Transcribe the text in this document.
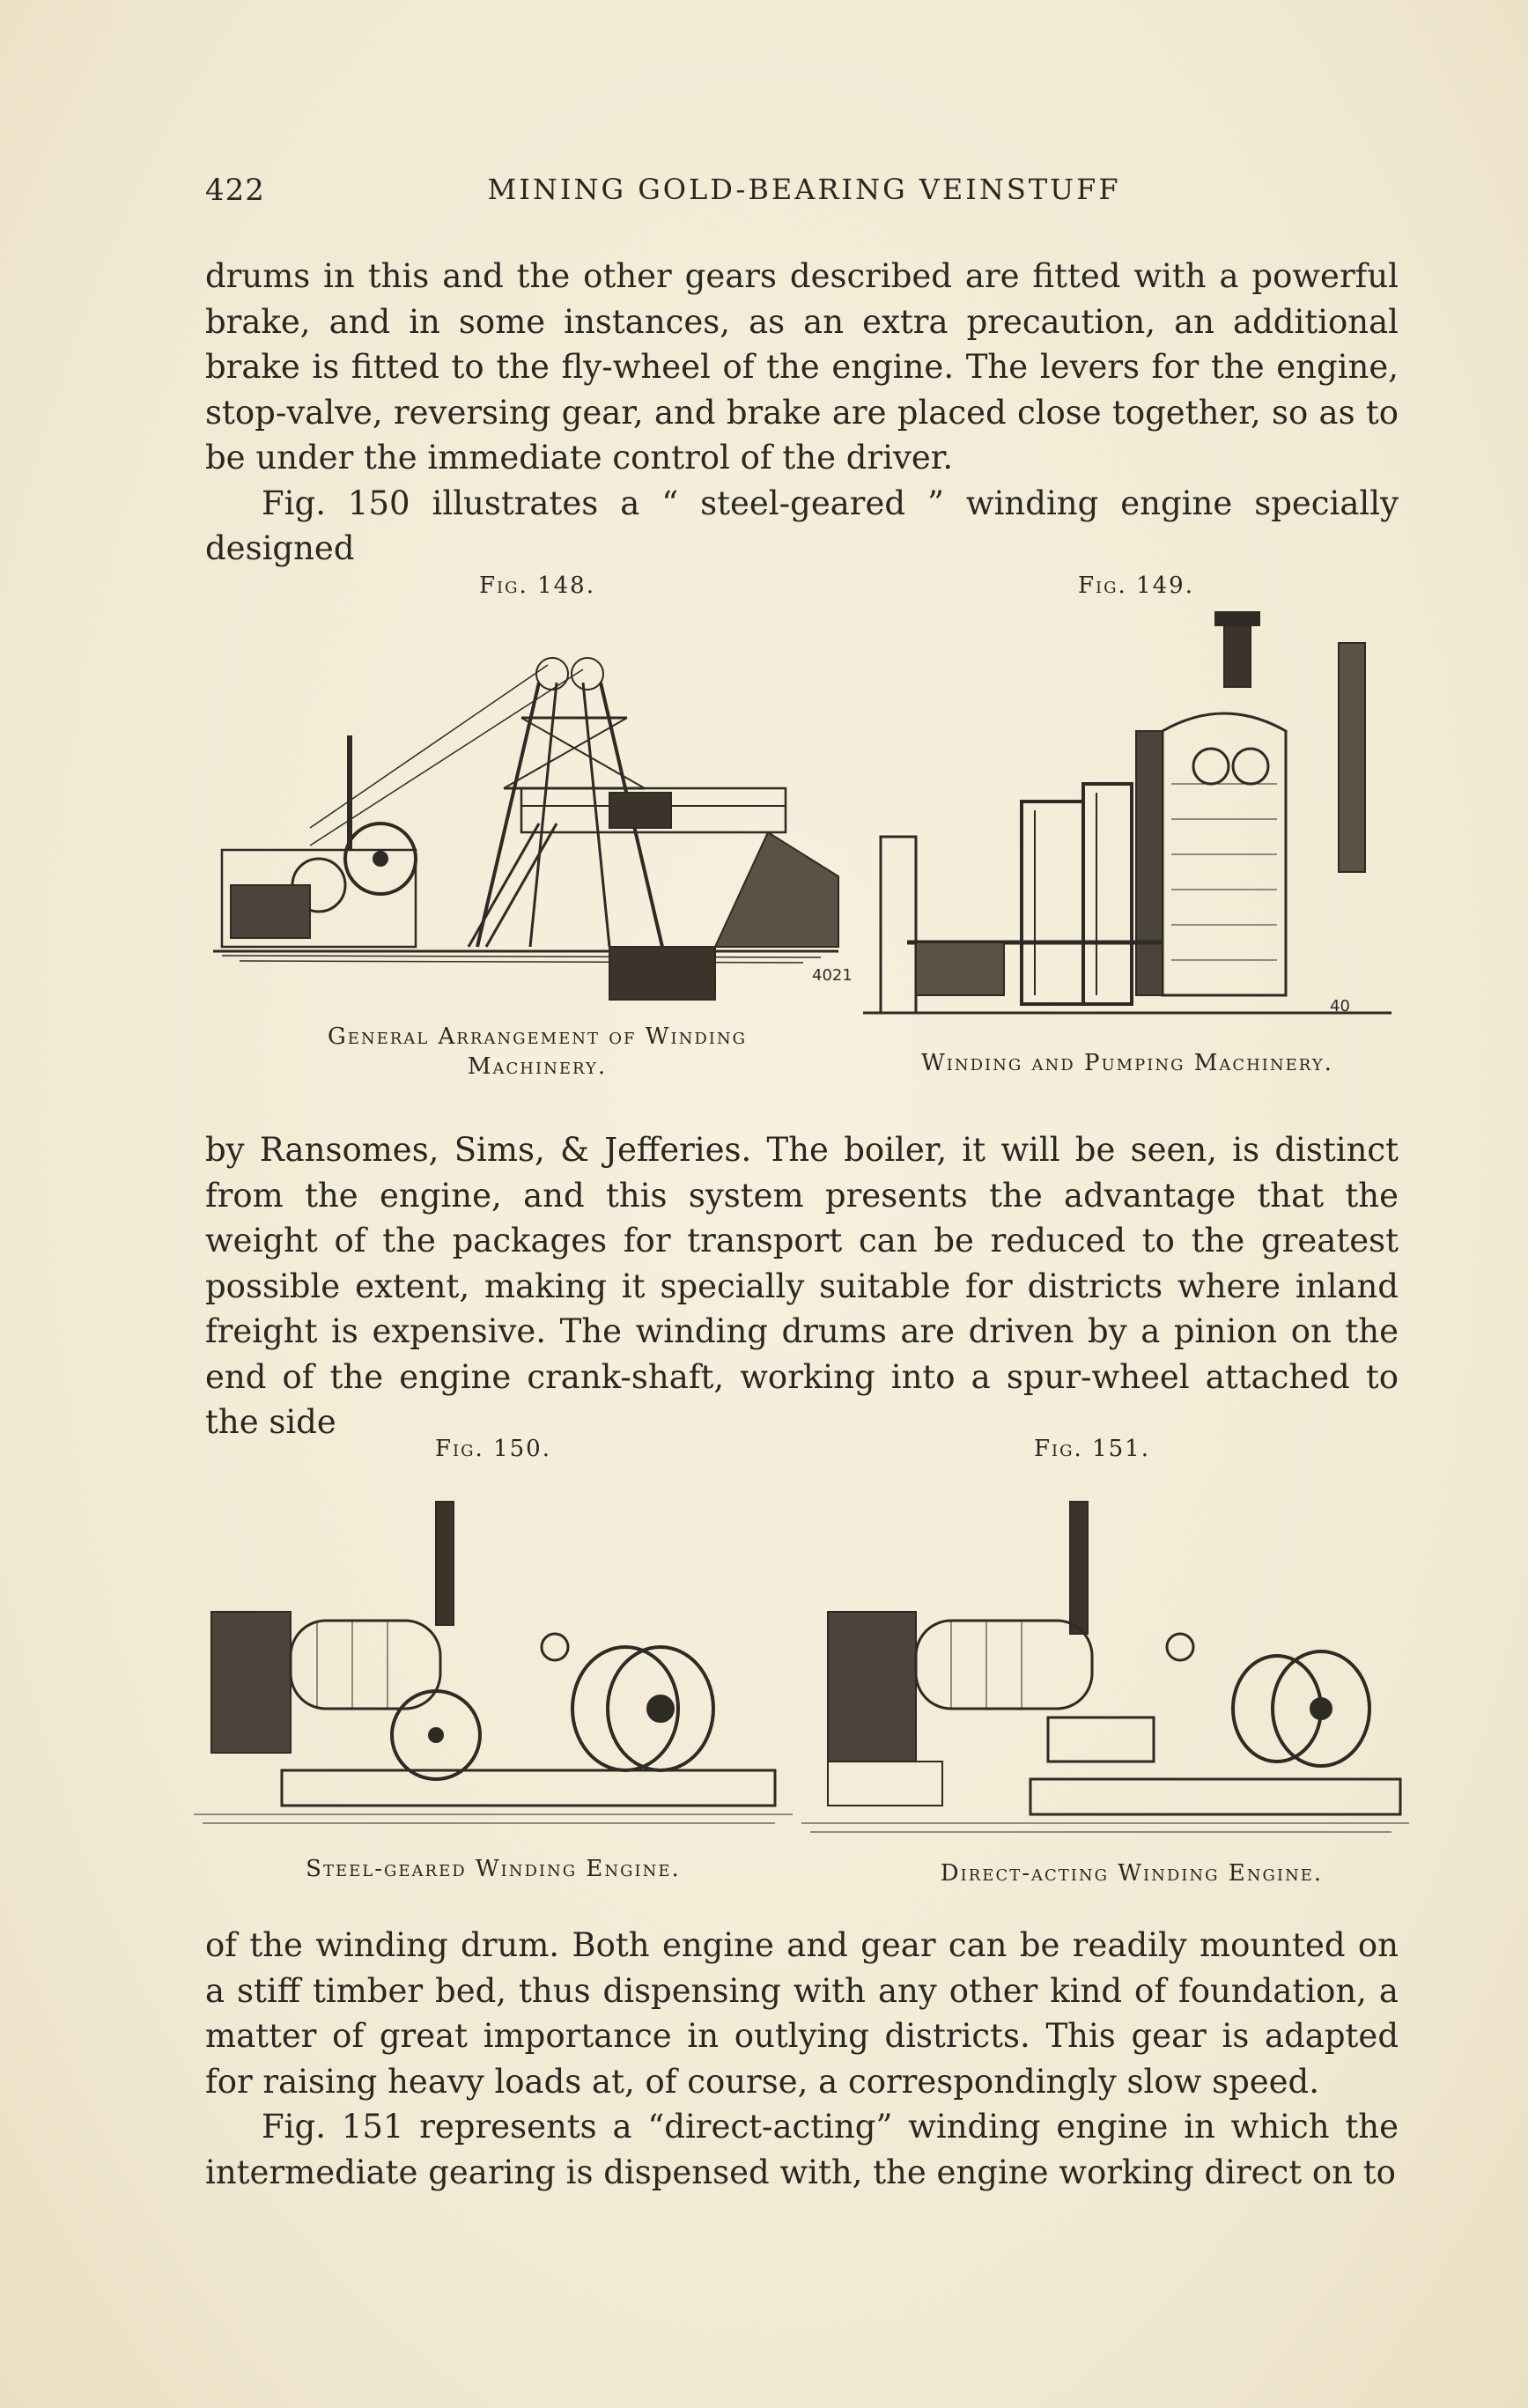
422	MINING GOLD-BEARING VEINSTUFF

drums in this and the other gears described are fitted with a powerful brake, and in some instances, as an extra precaution, an additional brake is fitted to the fly-wheel of the engine. The levers for the engine, stop-valve, reversing gear, and brake are placed close together, so as to be under the immediate control of the driver.

Fig. 150 illustrates a “ steel-geared ” winding engine specially designed

Fig. 148.
4021
General Arrangement of Winding
Machinery.
Fig. 149.
40
Winding and Pumping Machinery.

by Ransomes, Sims, & Jefferies. The boiler, it will be seen, is distinct from the engine, and this system presents the advantage that the weight of the packages for transport can be reduced to the greatest possible extent, making it specially suitable for districts where inland freight is expensive. The winding drums are driven by a pinion on the end of the engine crank-shaft, working into a spur-wheel attached to the side

Fig. 150.
Steel-geared Winding Engine.
Fig. 151.
Direct-acting Winding Engine.

of the winding drum. Both engine and gear can be readily mounted on a stiff timber bed, thus dispensing with any other kind of foundation, a matter of great importance in outlying districts. This gear is adapted for raising heavy loads at, of course, a correspondingly slow speed.

Fig. 151 represents a “direct-acting” winding engine in which the intermediate gearing is dispensed with, the engine working direct on to
